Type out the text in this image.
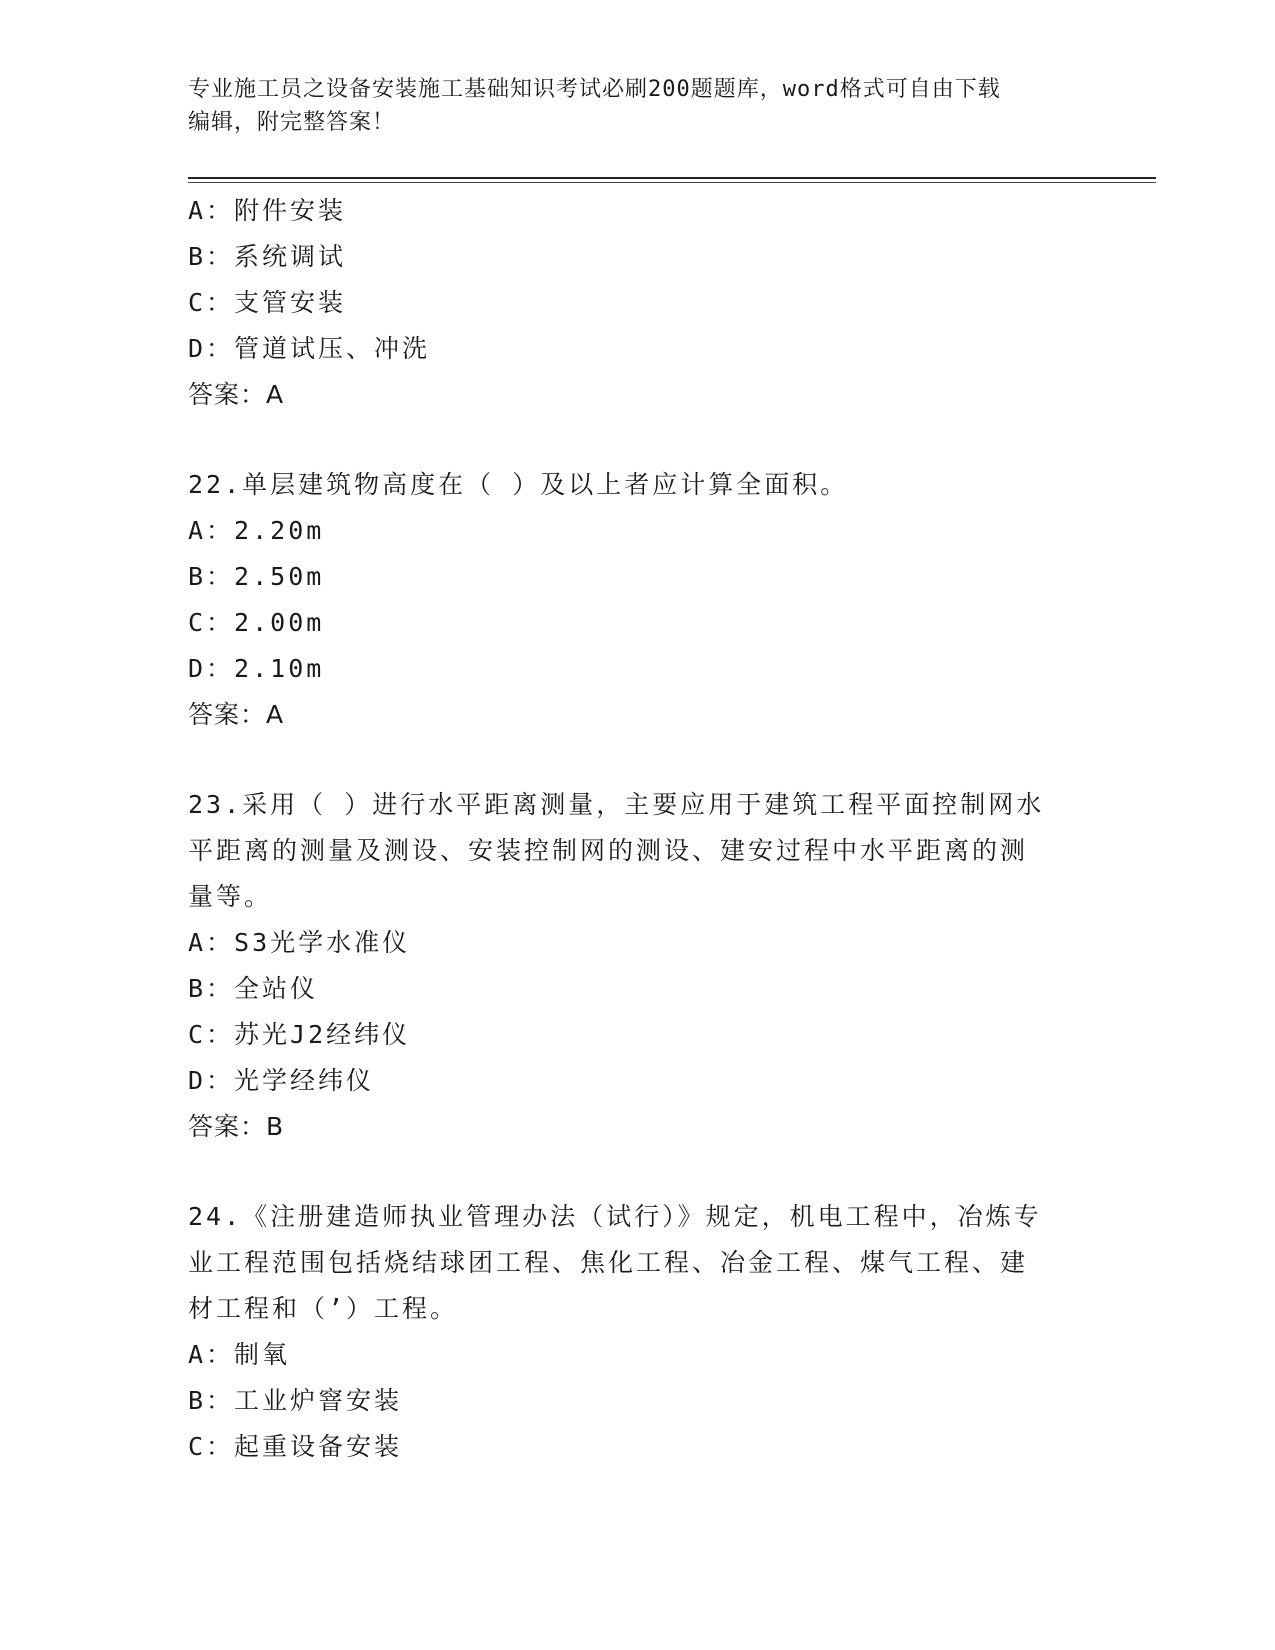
专业施工员之设备安装施工基础知识考试必刷200题题库，word格式可自由下载
编辑，附完整答案！
A：附件安装
B：系统调试
C：支管安装
D：管道试压、冲洗
答案：A
22.单层建筑物高度在（ ）及以上者应计算全面积。
A：2.20m
B：2.50m
C：2.00m
D：2.10m
答案：A
23.采用（ ）进行水平距离测量，主要应用于建筑工程平面控制网水
平距离的测量及测设、安装控制网的测设、建安过程中水平距离的测
量等。
A：S3光学水准仪
B：全站仪
C：苏光J2经纬仪
D：光学经纬仪
答案：B
24.《注册建造师执业管理办法（试行）》规定，机电工程中，冶炼专
业工程范围包括烧结球团工程、焦化工程、冶金工程、煤气工程、建
材工程和（’）工程。
A：制氧
B：工业炉窨安装
C：起重设备安装
